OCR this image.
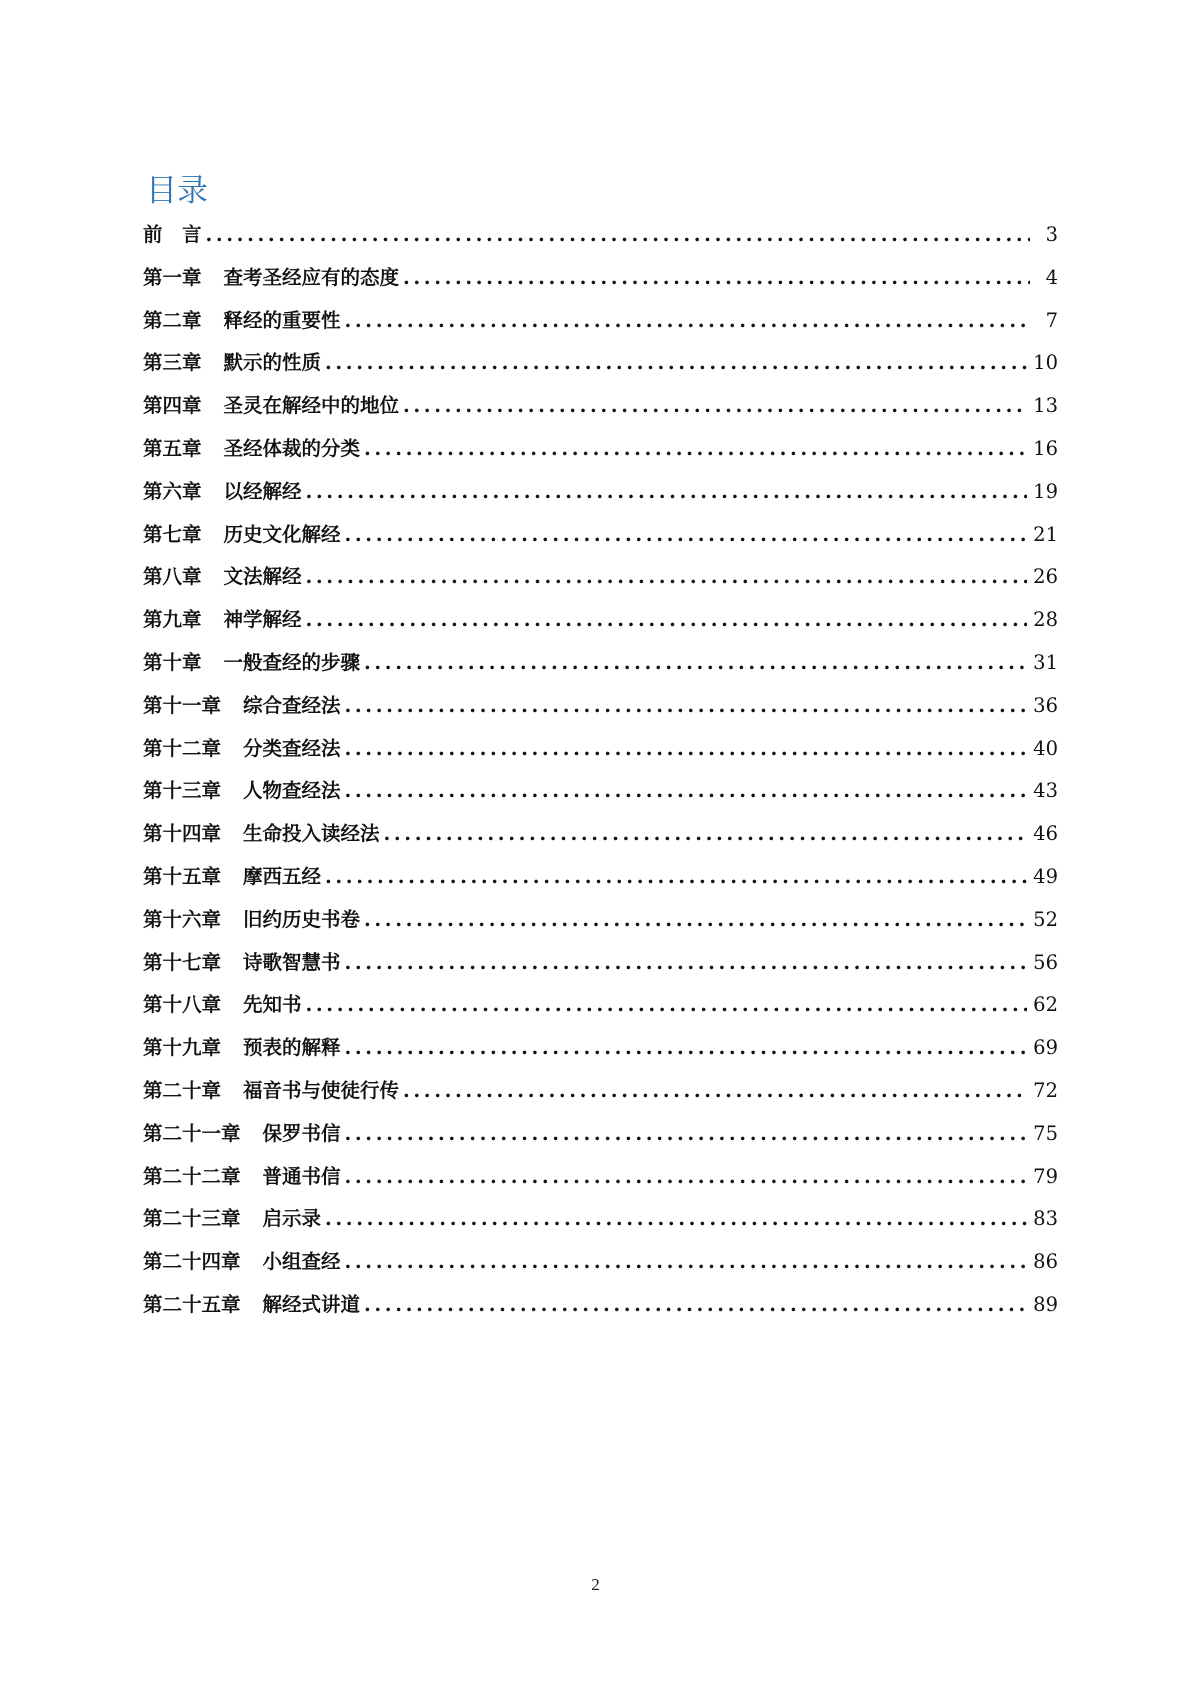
目录
前　言 .....	3
第一章 查考圣经应有的态度 .....	4
第二章 释经的重要性 .....	7
第三章 默示的性质 .....	10
第四章 圣灵在解经中的地位 .....	13
第五章 圣经体裁的分类 .....	16
第六章 以经解经 .....	19
第七章 历史文化解经 .....	21
第八章 文法解经 .....	26
第九章 神学解经 .....	28
第十章 一般查经的步骤 .....	31
第十一章 综合查经法 .....	36
第十二章 分类查经法 .....	40
第十三章 人物查经法 .....	43
第十四章 生命投入读经法 .....	46
第十五章 摩西五经 .....	49
第十六章 旧约历史书卷 .....	52
第十七章 诗歌智慧书 .....	56
第十八章 先知书 .....	62
第十九章 预表的解释 .....	69
第二十章 福音书与使徒行传 .....	72
第二十一章 保罗书信 .....	75
第二十二章 普通书信 .....	79
第二十三章 启示录 .....	83
第二十四章 小组查经 .....	86
第二十五章 解经式讲道 .....	89
2
